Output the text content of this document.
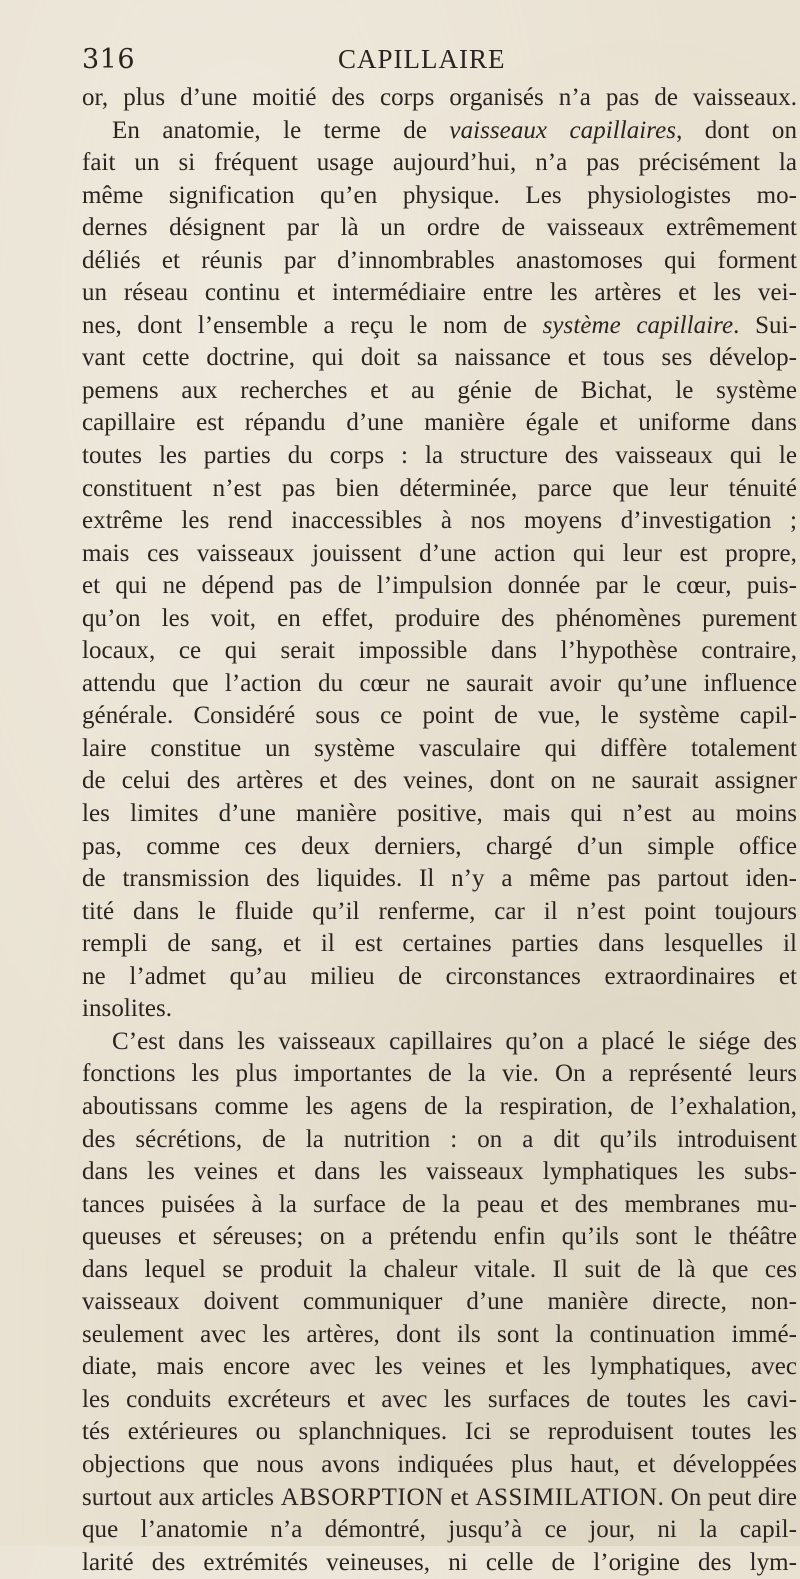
316	CAPILLAIRE
or, plus d’une moitié des corps organisés n’a pas de vaisseaux.
En anatomie, le terme de vaisseaux capillaires, dont on
fait un si fréquent usage aujourd’hui, n’a pas précisément la
même signification qu’en physique. Les physiologistes mo-
dernes désignent par là un ordre de vaisseaux extrêmement
déliés et réunis par d’innombrables anastomoses qui forment
un réseau continu et intermédiaire entre les artères et les vei-
nes, dont l’ensemble a reçu le nom de système capillaire. Sui-
vant cette doctrine, qui doit sa naissance et tous ses dévelop-
pemens aux recherches et au génie de Bichat, le système
capillaire est répandu d’une manière égale et uniforme dans
toutes les parties du corps : la structure des vaisseaux qui le
constituent n’est pas bien déterminée, parce que leur ténuité
extrême les rend inaccessibles à nos moyens d’investigation ;
mais ces vaisseaux jouissent d’une action qui leur est propre,
et qui ne dépend pas de l’impulsion donnée par le cœur, puis-
qu’on les voit, en effet, produire des phénomènes purement
locaux, ce qui serait impossible dans l’hypothèse contraire,
attendu que l’action du cœur ne saurait avoir qu’une influence
générale. Considéré sous ce point de vue, le système capil-
laire constitue un système vasculaire qui diffère totalement
de celui des artères et des veines, dont on ne saurait assigner
les limites d’une manière positive, mais qui n’est au moins
pas, comme ces deux derniers, chargé d’un simple office
de transmission des liquides. Il n’y a même pas partout iden-
tité dans le fluide qu’il renferme, car il n’est point toujours
rempli de sang, et il est certaines parties dans lesquelles il
ne l’admet qu’au milieu de circonstances extraordinaires et
insolites.
C’est dans les vaisseaux capillaires qu’on a placé le siége des
fonctions les plus importantes de la vie. On a représenté leurs
aboutissans comme les agens de la respiration, de l’exhalation,
des sécrétions, de la nutrition : on a dit qu’ils introduisent
dans les veines et dans les vaisseaux lymphatiques les subs-
tances puisées à la surface de la peau et des membranes mu-
queuses et séreuses; on a prétendu enfin qu’ils sont le théâtre
dans lequel se produit la chaleur vitale. Il suit de là que ces
vaisseaux doivent communiquer d’une manière directe, non-
seulement avec les artères, dont ils sont la continuation immé-
diate, mais encore avec les veines et les lymphatiques, avec
les conduits excréteurs et avec les surfaces de toutes les cavi-
tés extérieures ou splanchniques. Ici se reproduisent toutes les
objections que nous avons indiquées plus haut, et développées
surtout aux articles ABSORPTION et ASSIMILATION. On peut dire
que l’anatomie n’a démontré, jusqu’à ce jour, ni la capil-
larité des extrémités veineuses, ni celle de l’origine des lym-
